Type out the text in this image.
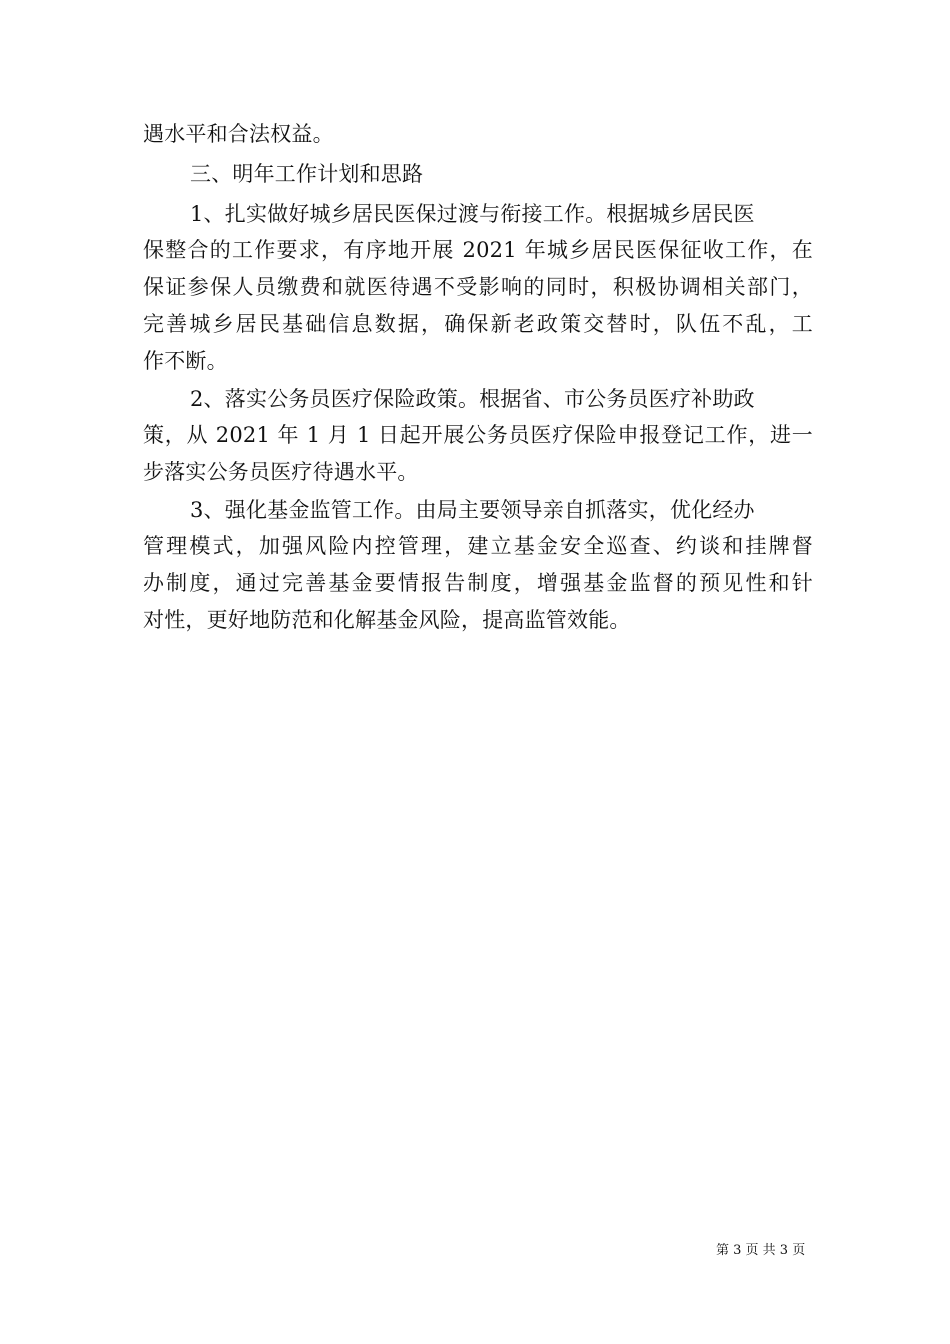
遇水平和合法权益。
三、明年工作计划和思路
1、扎实做好城乡居民医保过渡与衔接工作。根据城乡居民医
保整合的工作要求，有序地开展 2021 年城乡居民医保征收工作，在
保证参保人员缴费和就医待遇不受影响的同时，积极协调相关部门，
完善城乡居民基础信息数据，确保新老政策交替时，队伍不乱，工
作不断。
2、落实公务员医疗保险政策。根据省、市公务员医疗补助政
策，从 2021 年 1 月 1 日起开展公务员医疗保险申报登记工作，进一
步落实公务员医疗待遇水平。
3、强化基金监管工作。由局主要领导亲自抓落实，优化经办
管理模式，加强风险内控管理，建立基金安全巡查、约谈和挂牌督
办制度，通过完善基金要情报告制度，增强基金监督的预见性和针
对性，更好地防范和化解基金风险，提高监管效能。
第 3 页 共 3 页
